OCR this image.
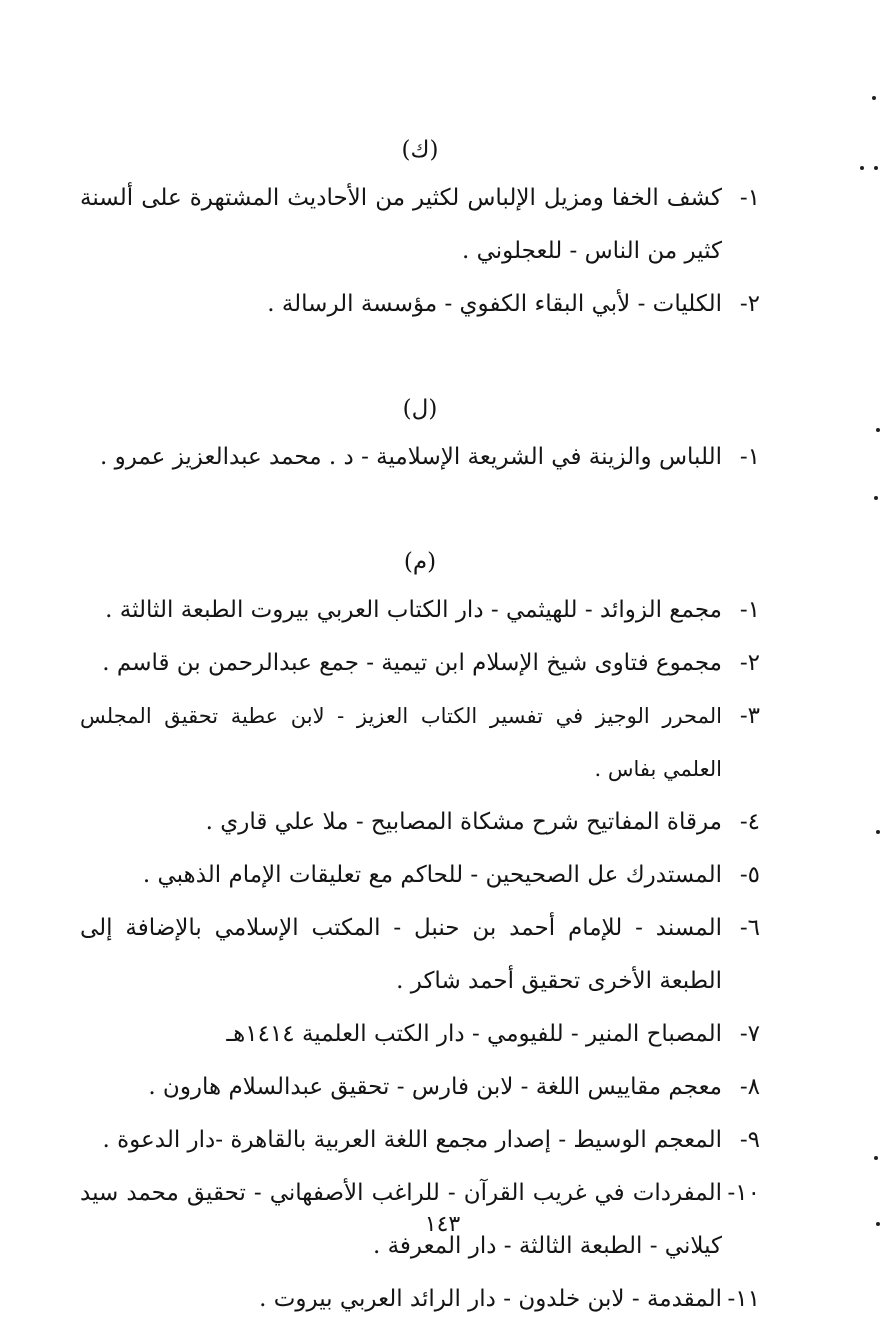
(ك)

١-
كشف الخفا ومزيل الإلباس لكثير من الأحاديث المشتهرة على ألسنة كثير من الناس - للعجلوني .
٢-
الكليات - لأبي البقاء الكفوي - مؤسسة الرسالة .

(ل)

١-
اللباس والزينة في الشريعة الإسلامية - د . محمد عبدالعزيز عمرو .

(م)

١-
مجمع الزوائد - للهيثمي - دار الكتاب العربي بيروت الطبعة الثالثة .
٢-
مجموع فتاوى شيخ الإسلام ابن تيمية - جمع عبدالرحمن بن قاسم .
٣-
المحرر الوجيز في تفسير الكتاب العزيز - لابن عطية تحقيق المجلس العلمي بفاس .
٤-
مرقاة المفاتيح شرح مشكاة المصابيح - ملا علي قاري .
٥-
المستدرك عل الصحيحين - للحاكم مع تعليقات الإمام الذهبي .
٦-
المسند - للإمام أحمد بن حنبل - المكتب الإسلامي بالإضافة إلى الطبعة الأخرى تحقيق أحمد شاكر .
٧-
المصباح المنير - للفيومي - دار الكتب العلمية ١٤١٤هـ
٨-
معجم مقاييس اللغة - لابن فارس - تحقيق عبدالسلام هارون .
٩-
المعجم الوسيط - إصدار مجمع اللغة العربية بالقاهرة -دار الدعوة .
١٠-
المفردات في غريب القرآن - للراغب الأصفهاني - تحقيق محمد سيد كيلاني - الطبعة الثالثة - دار المعرفة .
١١-
المقدمة - لابن خلدون - دار الرائد العربي بيروت .
١٤٣
